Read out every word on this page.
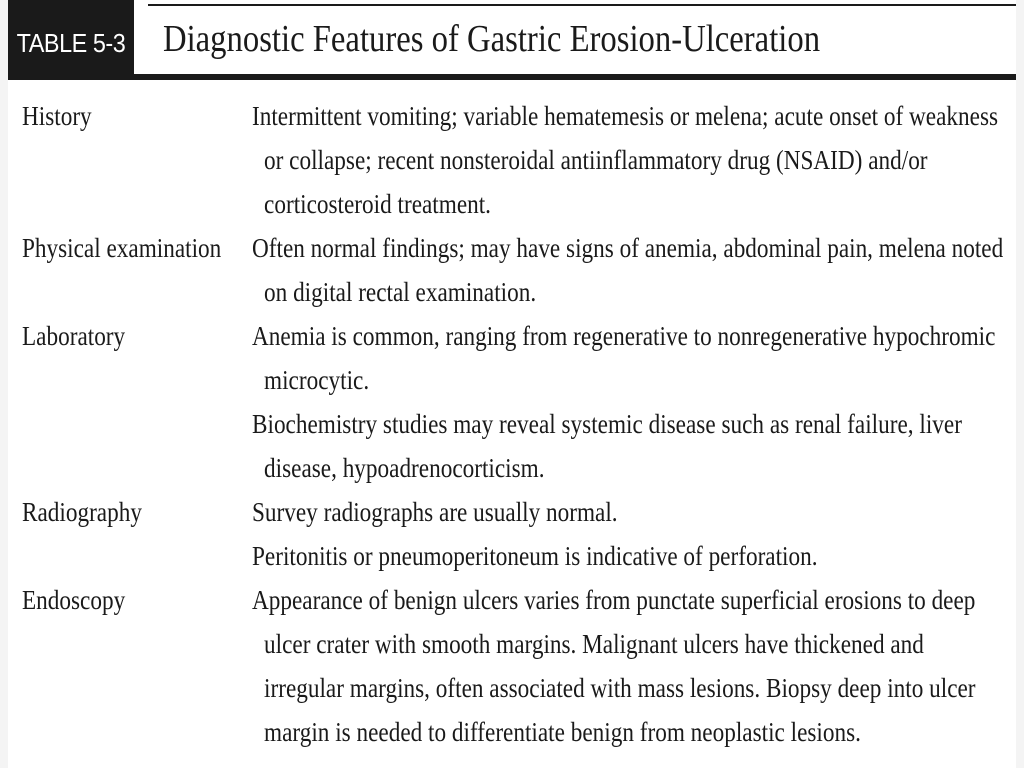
TABLE 5-3 Diagnostic Features of Gastric Erosion-Ulceration
History	Intermittent vomiting; variable hematemesis or melena; acute onset of weakness or collapse; recent nonsteroidal antiinflammatory drug (NSAID) and/or corticosteroid treatment.
Physical examination	Often normal findings; may have signs of anemia, abdominal pain, melena noted on digital rectal examination.
Laboratory	Anemia is common, ranging from regenerative to nonregenerative hypochromic microcytic.
Biochemistry studies may reveal systemic disease such as renal failure, liver disease, hypoadrenocorticism.
Radiography	Survey radiographs are usually normal.
Peritonitis or pneumoperitoneum is indicative of perforation.
Endoscopy	Appearance of benign ulcers varies from punctate superficial erosions to deep ulcer crater with smooth margins. Malignant ulcers have thickened and irregular margins, often associated with mass lesions. Biopsy deep into ulcer margin is needed to differentiate benign from neoplastic lesions.
